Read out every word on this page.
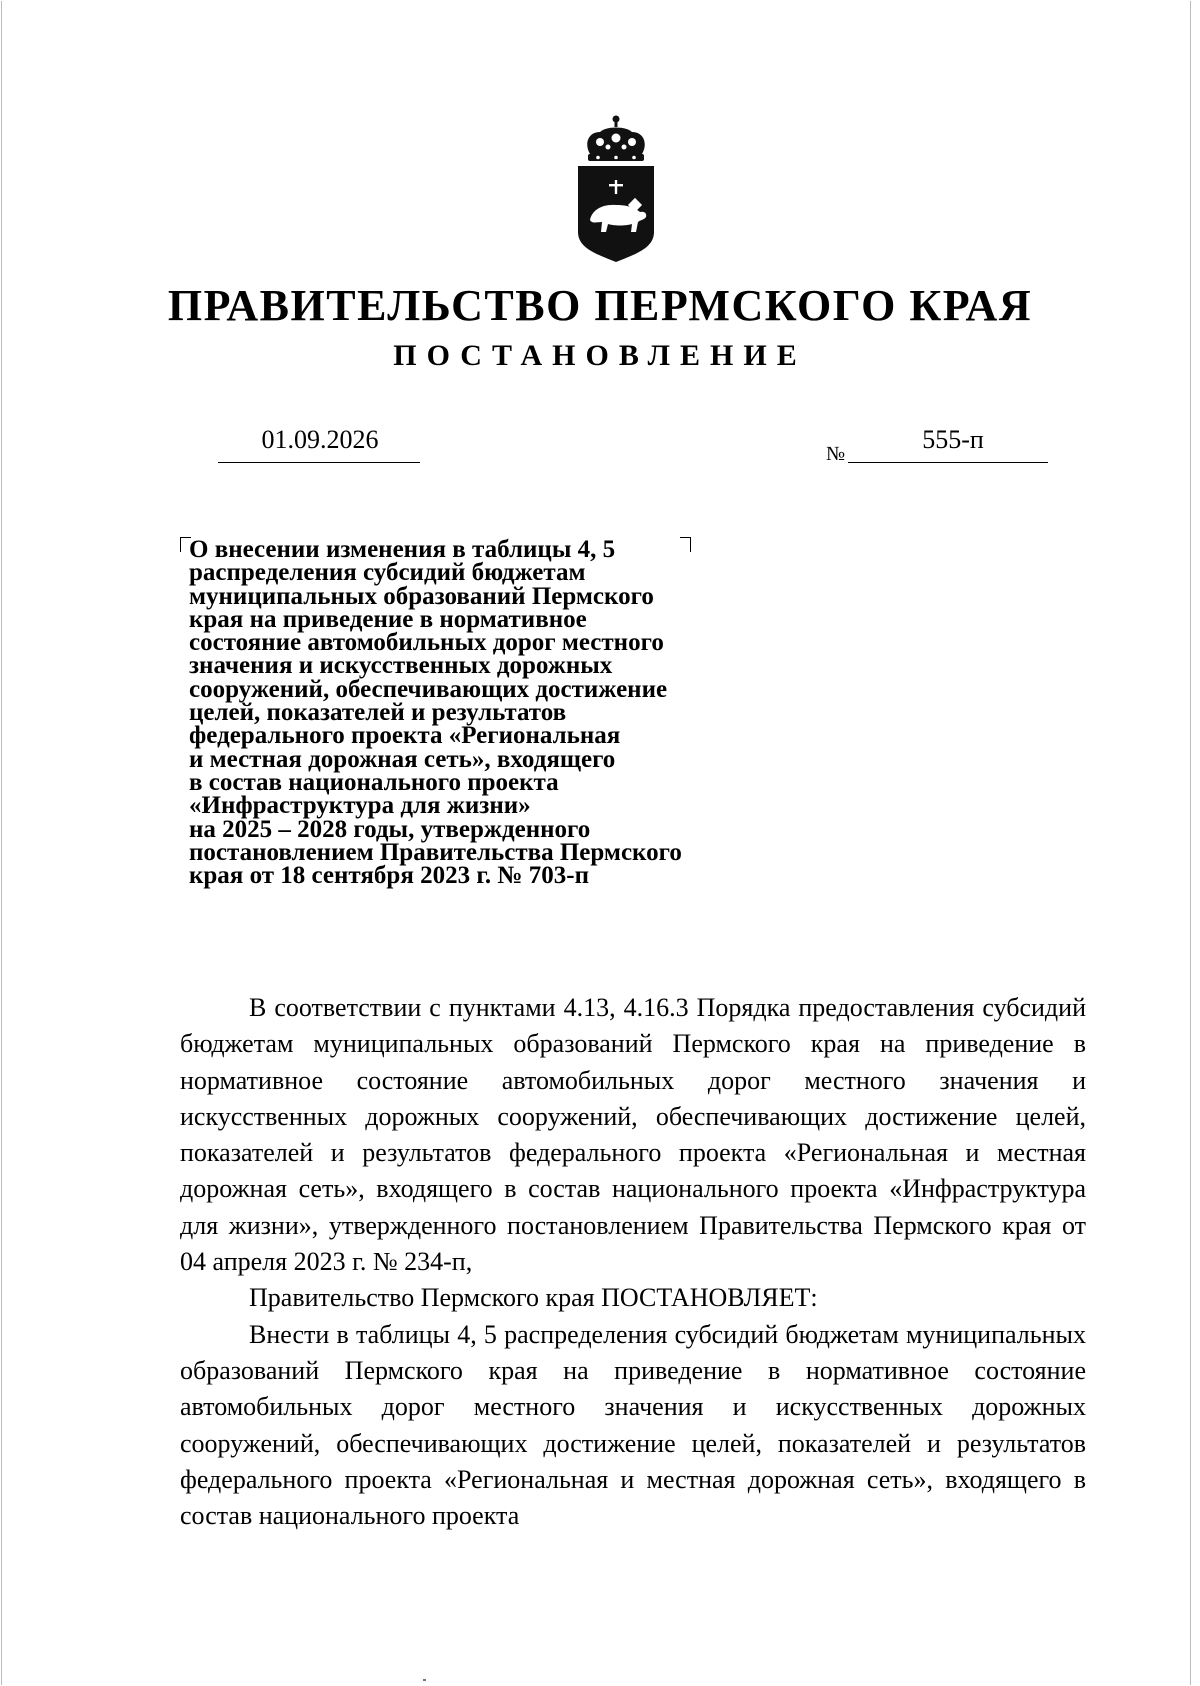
ПРАВИТЕЛЬСТВО ПЕРМСКОГО КРАЯ
ПОСТАНОВЛЕНИЕ
01.09.2026	№	555-п
О внесении изменения в таблицы 4, 5
распределения субсидий бюджетам
муниципальных образований Пермского
края на приведение в нормативное
состояние автомобильных дорог местного
значения и искусственных дорожных
сооружений, обеспечивающих достижение
целей, показателей и результатов
федерального проекта «Региональная
и местная дорожная сеть», входящего
в состав национального проекта
«Инфраструктура для жизни»
на 2025 – 2028 годы, утвержденного
постановлением Правительства Пермского
края от 18 сентября 2023 г. № 703-п

В соответствии с пунктами 4.13, 4.16.3 Порядка предоставления субсидий бюджетам муниципальных образований Пермского края на приведение в нормативное состояние автомобильных дорог местного значения и искусственных дорожных сооружений, обеспечивающих достижение целей, показателей и результатов федерального проекта «Региональная и местная дорожная сеть», входящего в состав национального проекта «Инфраструктура для жизни», утвержденного постановлением Правительства Пермского края от 04 апреля 2023 г. № 234-п,

Правительство Пермского края ПОСТАНОВЛЯЕТ:

Внести в таблицы 4, 5 распределения субсидий бюджетам муниципальных образований Пермского края на приведение в нормативное состояние автомобильных дорог местного значения и искусственных дорожных сооружений, обеспечивающих достижение целей, показателей и результатов федерального проекта «Региональная и местная дорожная сеть», входящего в состав национального проекта
